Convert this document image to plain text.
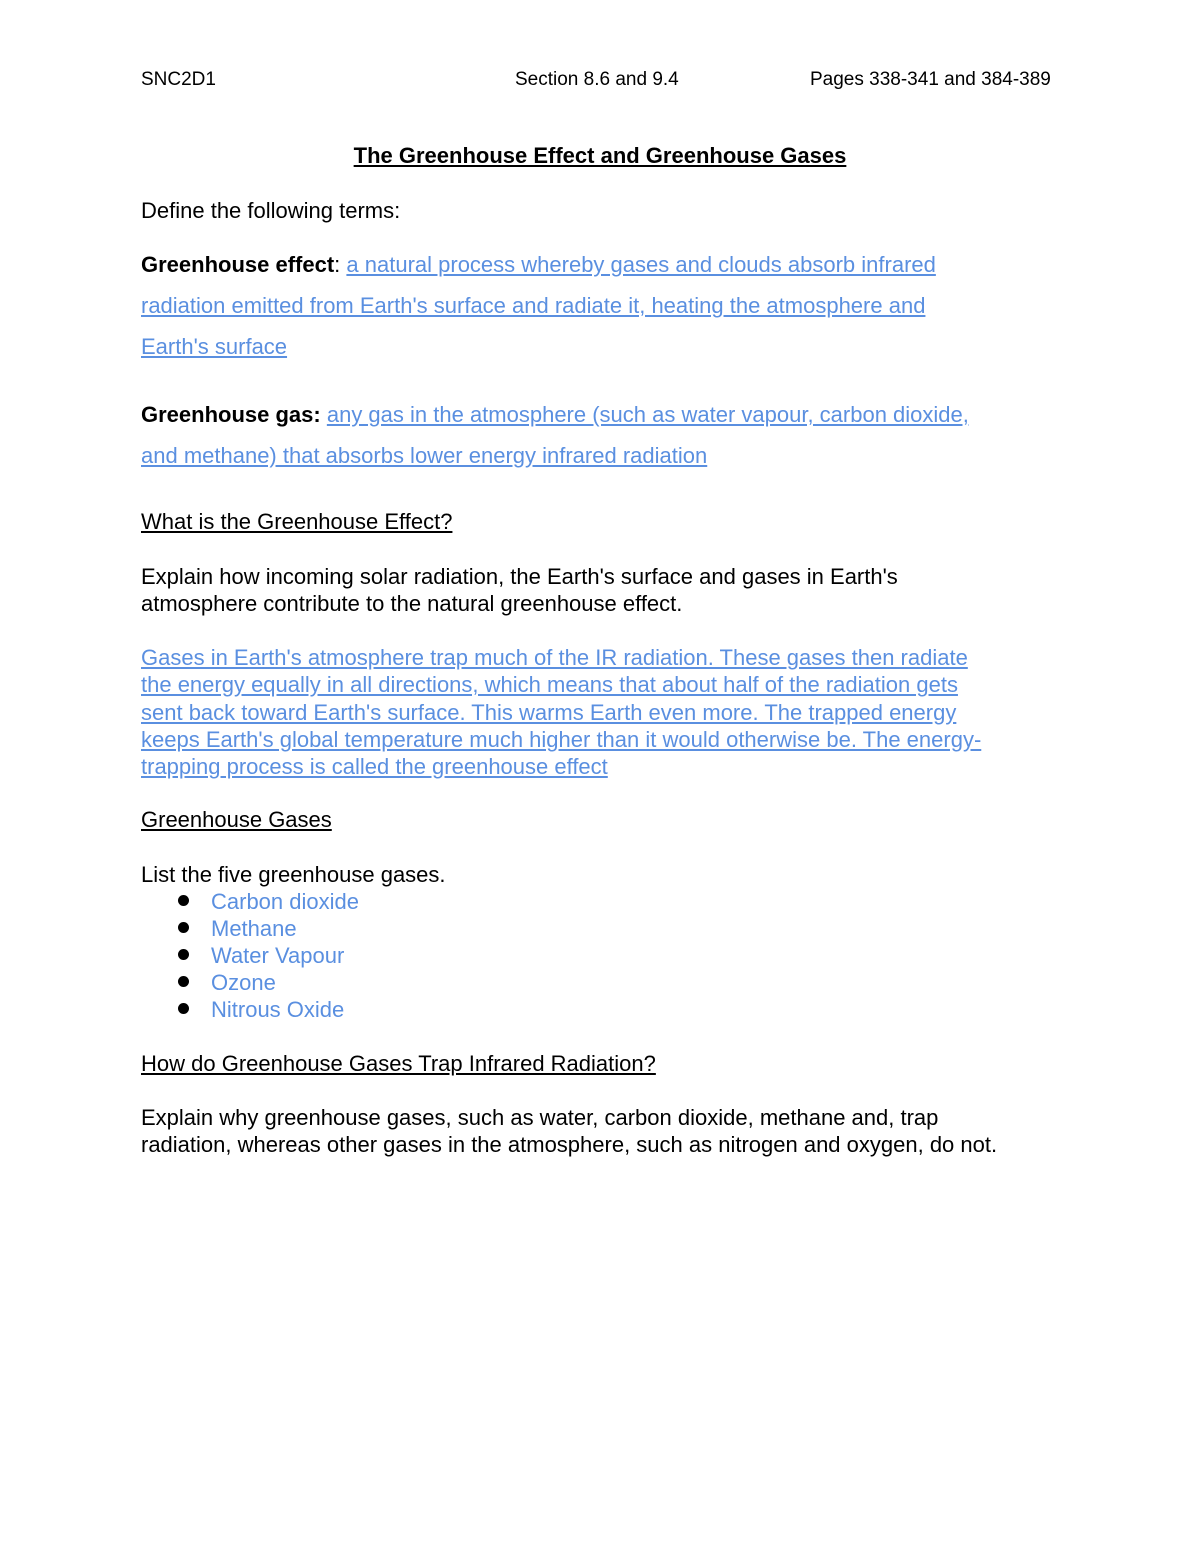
SNC2D1	Section 8.6 and 9.4	Pages 338-341 and 384-389
The Greenhouse Effect and Greenhouse Gases
Define the following terms:
Greenhouse effect: a natural process whereby gases and clouds absorb infrared
radiation emitted from Earth's surface and radiate it, heating the atmosphere and
Earth's surface
Greenhouse gas: any gas in the atmosphere (such as water vapour, carbon dioxide,
and methane) that absorbs lower energy infrared radiation
What is the Greenhouse Effect?
Explain how incoming solar radiation, the Earth's surface and gases in Earth's
atmosphere contribute to the natural greenhouse effect.
Gases in Earth's atmosphere trap much of the IR radiation. These gases then radiate
the energy equally in all directions, which means that about half of the radiation gets
sent back toward Earth's surface. This warms Earth even more. The trapped energy
keeps Earth's global temperature much higher than it would otherwise be. The energy-
trapping process is called the greenhouse effect
Greenhouse Gases
List the five greenhouse gases.
Carbon dioxide
Methane
Water Vapour
Ozone
Nitrous Oxide
How do Greenhouse Gases Trap Infrared Radiation?
Explain why greenhouse gases, such as water, carbon dioxide, methane and, trap
radiation, whereas other gases in the atmosphere, such as nitrogen and oxygen, do not.
